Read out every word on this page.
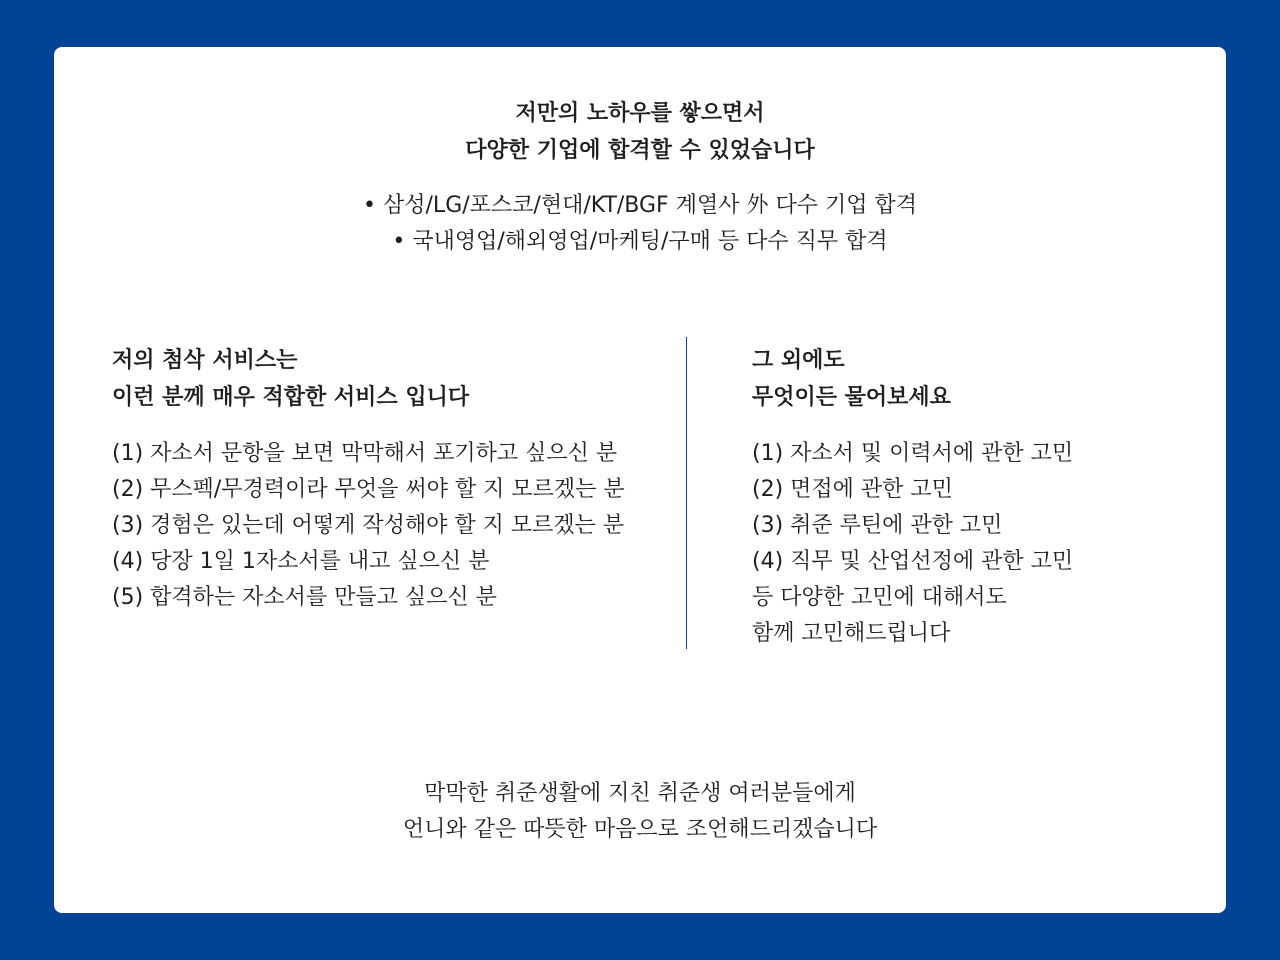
저만의 노하우를 쌓으면서
다양한 기업에 합격할 수 있었습니다
• 삼성/LG/포스코/현대/KT/BGF 계열사 外 다수 기업 합격
• 국내영업/해외영업/마케팅/구매 등 다수 직무 합격
저의 첨삭 서비스는
이런 분께 매우 적합한 서비스 입니다
(1) 자소서 문항을 보면 막막해서 포기하고 싶으신 분
(2) 무스펙/무경력이라 무엇을 써야 할 지 모르겠는 분
(3) 경험은 있는데 어떻게 작성해야 할 지 모르겠는 분
(4) 당장 1일 1자소서를 내고 싶으신 분
(5) 합격하는 자소서를 만들고 싶으신 분
그 외에도
무엇이든 물어보세요
(1) 자소서 및 이력서에 관한 고민
(2) 면접에 관한 고민
(3) 취준 루틴에 관한 고민
(4) 직무 및 산업선정에 관한 고민
등 다양한 고민에 대해서도
함께 고민해드립니다
막막한 취준생활에 지친 취준생 여러분들에게
언니와 같은 따뜻한 마음으로 조언해드리겠습니다
